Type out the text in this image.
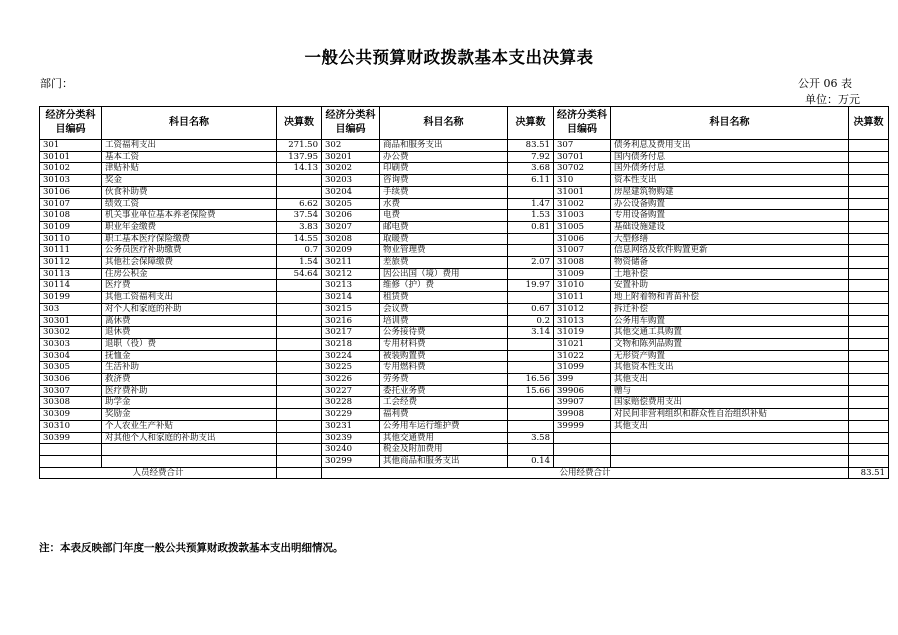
一般公共预算财政拨款基本支出决算表
部门：	公开 06 表
单位：万元
经济分类科目编码	科目名称	决算数	经济分类科目编码	科目名称	决算数	经济分类科目编码	科目名称	决算数
301	工资福利支出	271.50	302	商品和服务支出	83.51	307	债务利息及费用支出	
30101	基本工资	137.95	30201	办公费	7.92	30701	国内债务付息	
30102	津贴补贴	14.13	30202	印刷费	3.68	30702	国外债务付息	
30103	奖金		30203	咨询费	6.11	310	资本性支出	
30106	伙食补助费		30204	手续费		31001	房屋建筑物购建	
30107	绩效工资	6.62	30205	水费	1.47	31002	办公设备购置	
30108	机关事业单位基本养老保险费	37.54	30206	电费	1.53	31003	专用设备购置	
30109	职业年金缴费	3.83	30207	邮电费	0.81	31005	基础设施建设	
30110	职工基本医疗保险缴费	14.55	30208	取暖费		31006	大型修缮	
30111	公务员医疗补助缴费	0.7	30209	物业管理费		31007	信息网络及软件购置更新	
30112	其他社会保障缴费	1.54	30211	差旅费	2.07	31008	物资储备	
30113	住房公积金	54.64	30212	因公出国（境）费用		31009	土地补偿	
30114	医疗费		30213	维修（护）费	19.97	31010	安置补助	
30199	其他工资福利支出		30214	租赁费		31011	地上附着物和青苗补偿	
303	对个人和家庭的补助		30215	会议费	0.67	31012	拆迁补偿	
30301	离休费		30216	培训费	0.2	31013	公务用车购置	
30302	退休费		30217	公务接待费	3.14	31019	其他交通工具购置	
30303	退职（役）费		30218	专用材料费		31021	文物和陈列品购置	
30304	抚恤金		30224	被装购置费		31022	无形资产购置	
30305	生活补助		30225	专用燃料费		31099	其他资本性支出	
30306	救济费		30226	劳务费	16.56	399	其他支出	
30307	医疗费补助		30227	委托业务费	15.66	39906	赠与	
30308	助学金		30228	工会经费		39907	国家赔偿费用支出	
30309	奖励金		30229	福利费		39908	对民间非营利组织和群众性自治组织补贴	
30310	个人农业生产补贴		30231	公务用车运行维护费		39999	其他支出	
30399	对其他个人和家庭的补助支出		30239	其他交通费用	3.58			
			30240	税金及附加费用				
			30299	其他商品和服务支出	0.14			
人员经费合计			公用经费合计					83.51
注：本表反映部门年度一般公共预算财政拨款基本支出明细情况。
